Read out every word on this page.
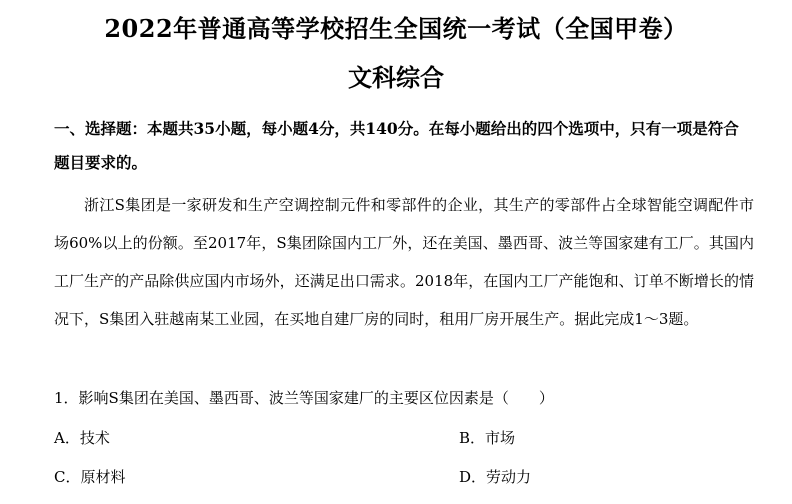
2022年普通高等学校招生全国统一考试（全国甲卷）
文科综合
一、选择题：本题共35小题，每小题4分，共140分。在每小题给出的四个选项中，只有一项是符合题目要求的。

浙江S集团是一家研发和生产空调控制元件和零部件的企业，其生产的零部件占全球智能空调配件市场60%以上的份额。至2017年，S集团除国内工厂外，还在美国、墨西哥、波兰等国家建有工厂。其国内工厂生产的产品除供应国内市场外，还满足出口需求。2018年，在国内工厂产能饱和、订单不断增长的情况下，S集团入驻越南某工业园，在买地自建厂房的同时，租用厂房开展生产。据此完成1～3题。

1．影响S集团在美国、墨西哥、波兰等国家建厂的主要区位因素是（　　）
A．技术	B．市场
C．原材料	D．劳动力
